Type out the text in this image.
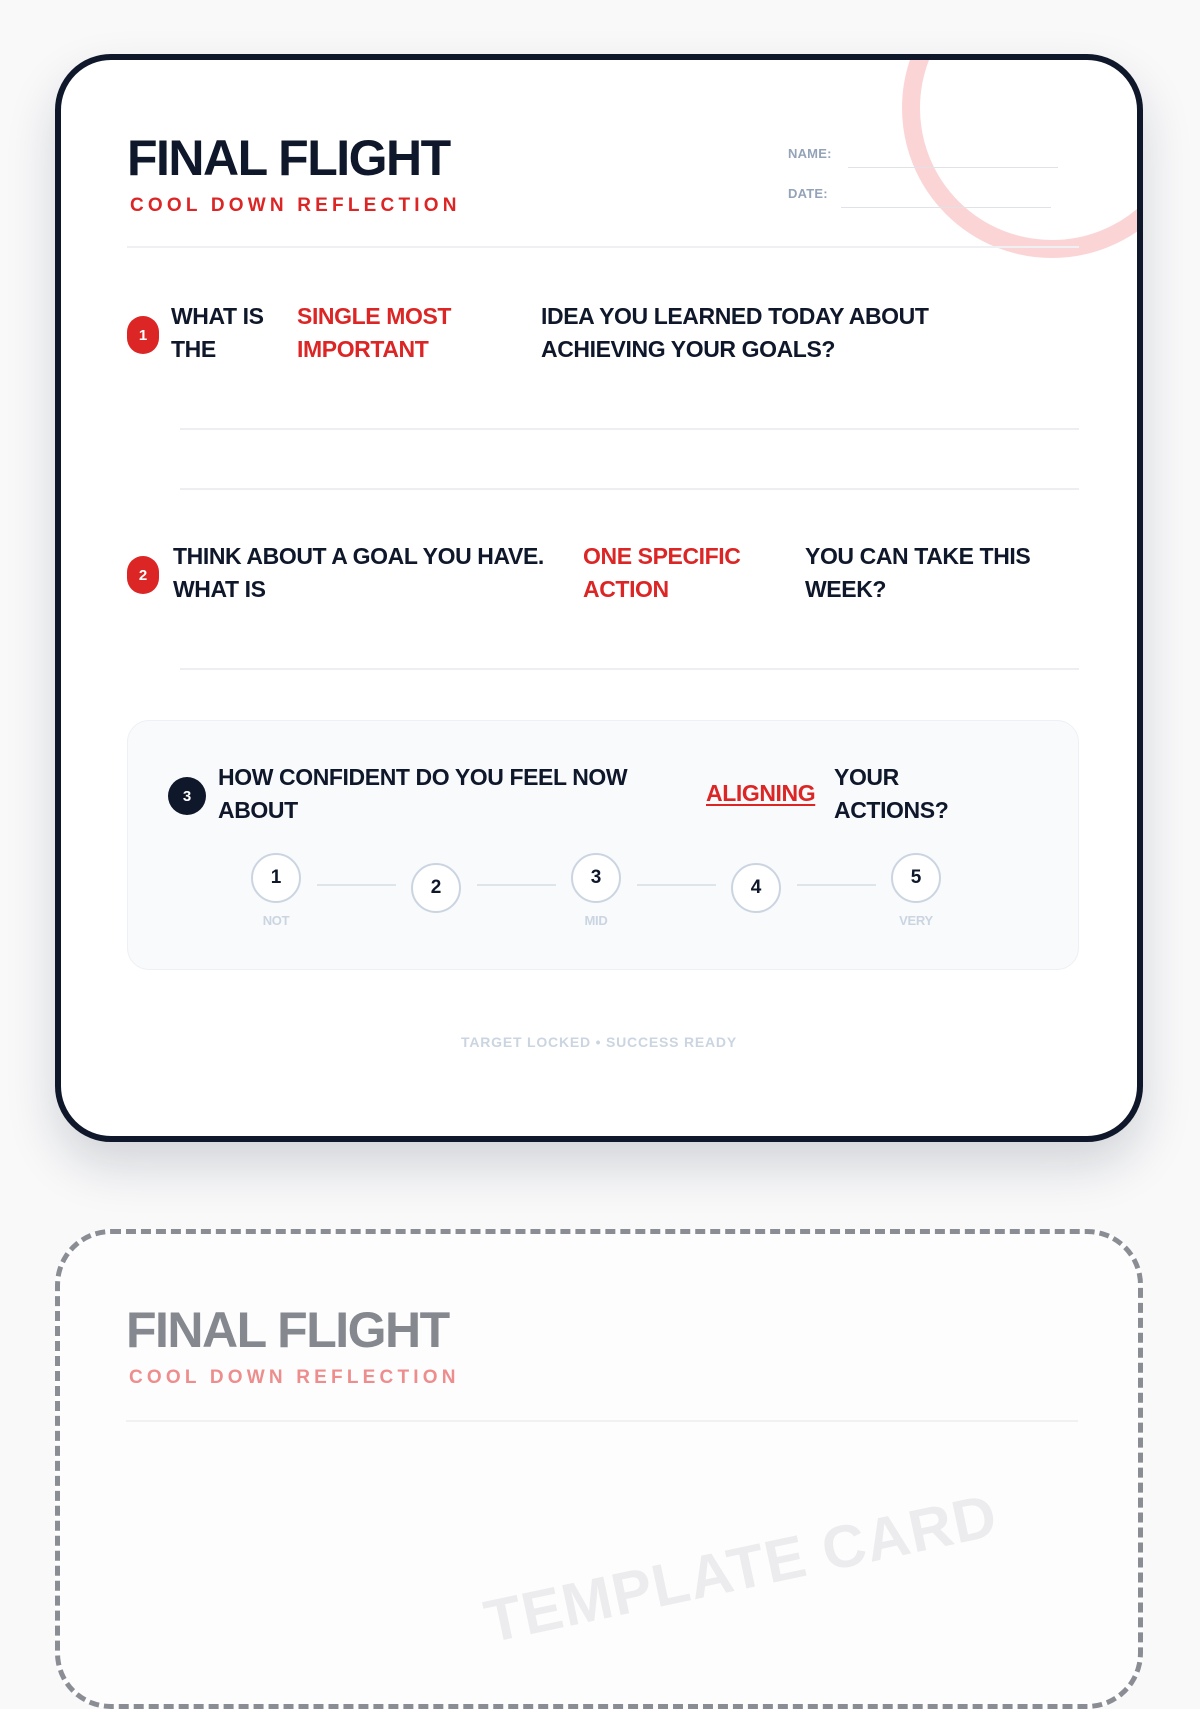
FINAL FLIGHT
COOL DOWN REFLECTION
NAME:
DATE:
1

WHAT IS THE

SINGLE MOST IMPORTANT

IDEA YOU LEARNED TODAY ABOUT ACHIEVING YOUR GOALS?

2

THINK ABOUT A GOAL YOU HAVE. WHAT IS

ONE SPECIFIC ACTION

YOU CAN TAKE THIS WEEK?

3

HOW CONFIDENT DO YOU FEEL NOW ABOUT

ALIGNING

YOUR ACTIONS?

1	2	3	4	5
NOT	MID	VERY
TARGET LOCKED • SUCCESS READY
FINAL FLIGHT
COOL DOWN REFLECTION
TEMPLATE CARD
